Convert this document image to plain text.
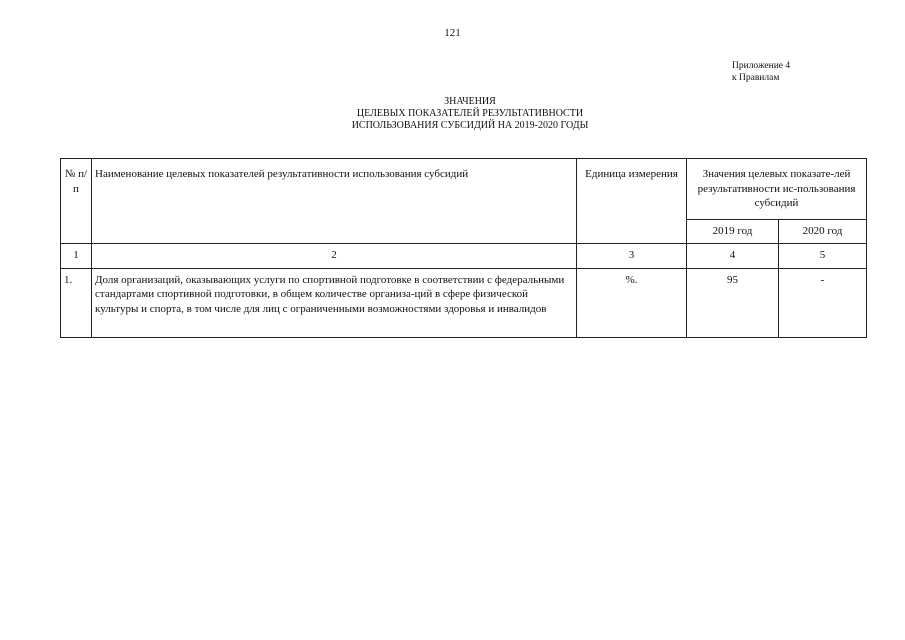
121
Приложение 4
к Правилам
ЗНАЧЕНИЯ
ЦЕЛЕВЫХ ПОКАЗАТЕЛЕЙ РЕЗУЛЬТАТИВНОСТИ
ИСПОЛЬЗОВАНИЯ СУБСИДИЙ НА 2019-2020 ГОДЫ
№ п/п	Наименование целевых показателей результативности использования субсидий	Единица измерения	Значения целевых показате-лей результативности ис-пользования субсидий	
			2019 год	2020 год
1	2	3	4	5
1.	Доля организаций, оказывающих услуги по спортивной подготовке в соответствии с федеральными стандартами спортивной подготовки, в общем количестве организа-ций в сфере физической культуры и спорта, в том числе для лиц с ограниченными возможностями здоровья и инвалидов	%.	95	-
